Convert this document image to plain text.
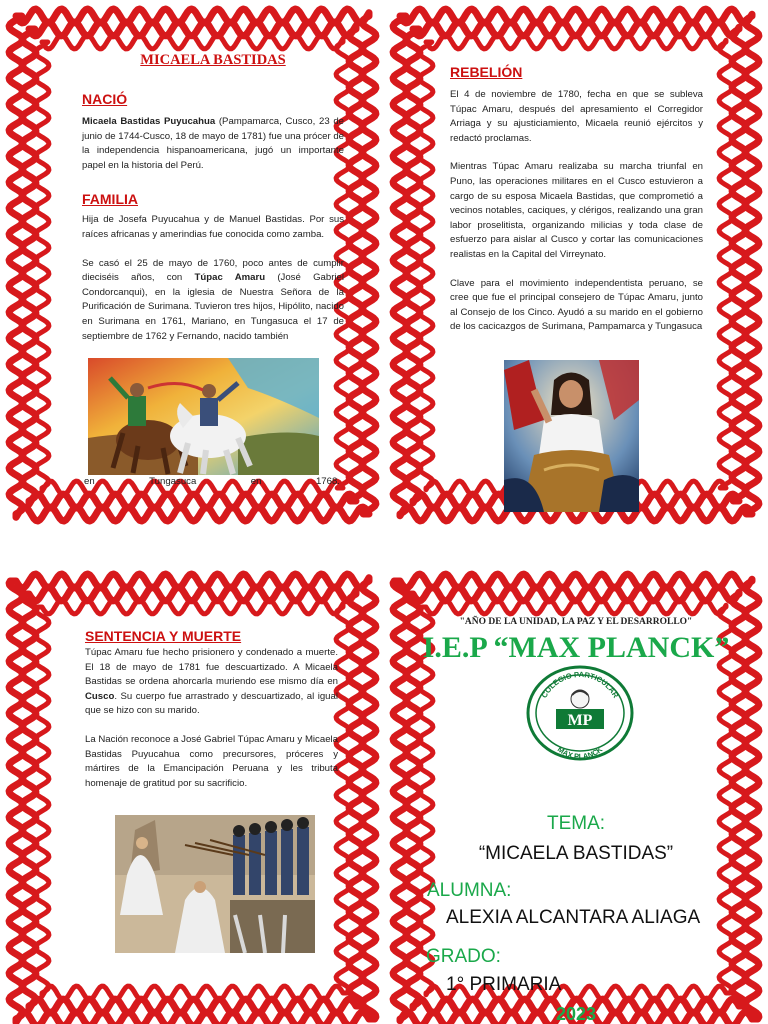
MICAELA BASTIDAS

NACIÓ

Micaela Bastidas Puyucahua (Pampamarca, Cusco, 23 de junio de 1744-Cusco, 18 de mayo de 1781) fue una prócer de la independencia hispanoamericana, jugó un importante papel en la historia del Perú.

FAMILIA

Hija de Josefa Puyucahua y de Manuel Bastidas. Por sus raíces africanas y amerindias fue conocida como zamba.

Se casó el 25 de mayo de 1760, poco antes de cumplir dieciséis años, con Túpac Amaru (José Gabriel Condorcanqui), en la iglesia de Nuestra Señora de la Purificación de Surimana. Tuvieron tres hijos, Hipólito, nacido en Surimana en 1761, Mariano, en Tungasuca el 17 de septiembre de 1762 y Fernando, nacido también

en	Tungasuca	en	1768.

REBELIÓN

El 4 de noviembre de 1780, fecha en que se subleva Túpac Amaru, después del apresamiento el Corregidor Arriaga y su ajusticiamiento, Micaela reunió ejércitos y redactó proclamas.

Mientras Túpac Amaru realizaba su marcha triunfal en Puno, las operaciones militares en el Cusco estuvieron a cargo de su esposa Micaela Bastidas, que comprometió a vecinos notables, caciques, y clérigos, realizando una gran labor proselitista, organizando milicias y toda clase de esfuerzo para aislar al Cusco y cortar las comunicaciones realistas en la Capital del Virreynato.

Clave para el movimiento independentista peruano, se cree que fue el principal consejero de Túpac Amaru, junto al Consejo de los Cinco. Ayudó a su marido en el gobierno de los cacicazgos de Surimana, Pampamarca y Tungasuca

SENTENCIA Y MUERTE

Túpac Amaru fue hecho prisionero y condenado a muerte. El 18 de mayo de 1781 fue descuartizado. A Micaela Bastidas se ordena ahorcarla muriendo ese mismo día en Cusco. Su cuerpo fue arrastrado y descuartizado, al igual que se hizo con su marido.

La Nación reconoce a José Gabriel Túpac Amaru y Micaela Bastidas Puyucahua como precursores, próceres y mártires de la Emancipación Peruana y les tributa homenaje de gratitud por su sacrificio.

"AÑO DE LA UNIDAD, LA PAZ Y EL DESARROLLO"
I.E.P “MAX PLANCK”
COLEGIO PARTICULAR
MAX PLANCK
MP
TEMA:
“MICAELA BASTIDAS”
ALUMNA:
ALEXIA ALCANTARA ALIAGA
GRADO:
1° PRIMARIA
2023
